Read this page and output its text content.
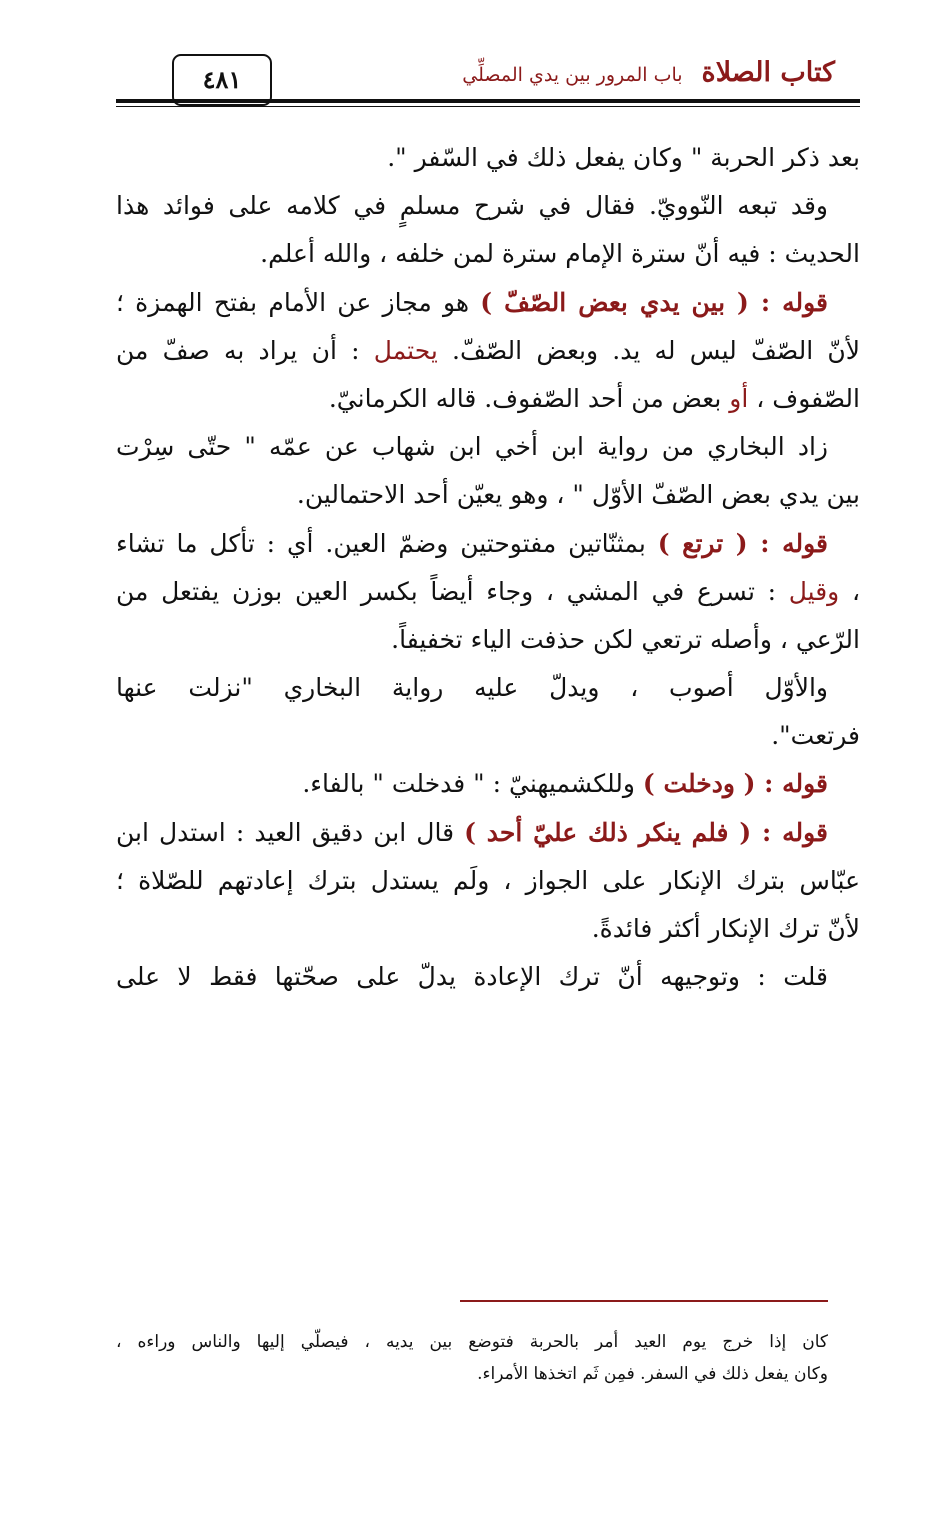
كتاب الصلاة باب المرور بين يدي المصلِّي
٤٨١
بعد ذكر الحربة " وكان يفعل ذلك في السّفر ".
وقد تبعه النّوويّ. فقال في شرح مسلمٍ في كلامه على فوائد هذا
الحديث : فيه أنّ سترة الإمام سترة لمن خلفه ، والله أعلم.
قوله : ( بين يدي بعض الصّفّ ) هو مجاز عن الأمام بفتح الهمزة ؛
لأنّ الصّفّ ليس له يد. وبعض الصّفّ. يحتمل : أن يراد به صفّ من
الصّفوف ، أو بعض من أحد الصّفوف. قاله الكرمانيّ.
زاد البخاري من رواية ابن أخي ابن شهاب عن عمّه " حتّى سِرْت
بين يدي بعض الصّفّ الأوّل " ، وهو يعيّن أحد الاحتمالين.
قوله : ( ترتع ) بمثنّاتين مفتوحتين وضمّ العين. أي : تأكل ما تشاء
، وقيل : تسرع في المشي ، وجاء أيضاً بكسر العين بوزن يفتعل من
الرّعي ، وأصله ترتعي لكن حذفت الياء تخفيفاً.
والأوّل أصوب ، ويدلّ عليه رواية البخاري "نزلت عنها
فرتعت".
قوله : ( ودخلت ) وللكشميهنيّ : " فدخلت " بالفاء.
قوله : ( فلم ينكر ذلك عليّ أحد ) قال ابن دقيق العيد : استدل ابن
عبّاس بترك الإنكار على الجواز ، ولَم يستدل بترك إعادتهم للصّلاة ؛
لأنّ ترك الإنكار أكثر فائدةً.
قلت : وتوجيهه أنّ ترك الإعادة يدلّ على صحّتها فقط لا على
كان إذا خرج يوم العيد أمر بالحربة فتوضع بين يديه ، فيصلّي إليها والناس وراءه ،
وكان يفعل ذلك في السفر. فمِن ثَم اتخذها الأمراء.
